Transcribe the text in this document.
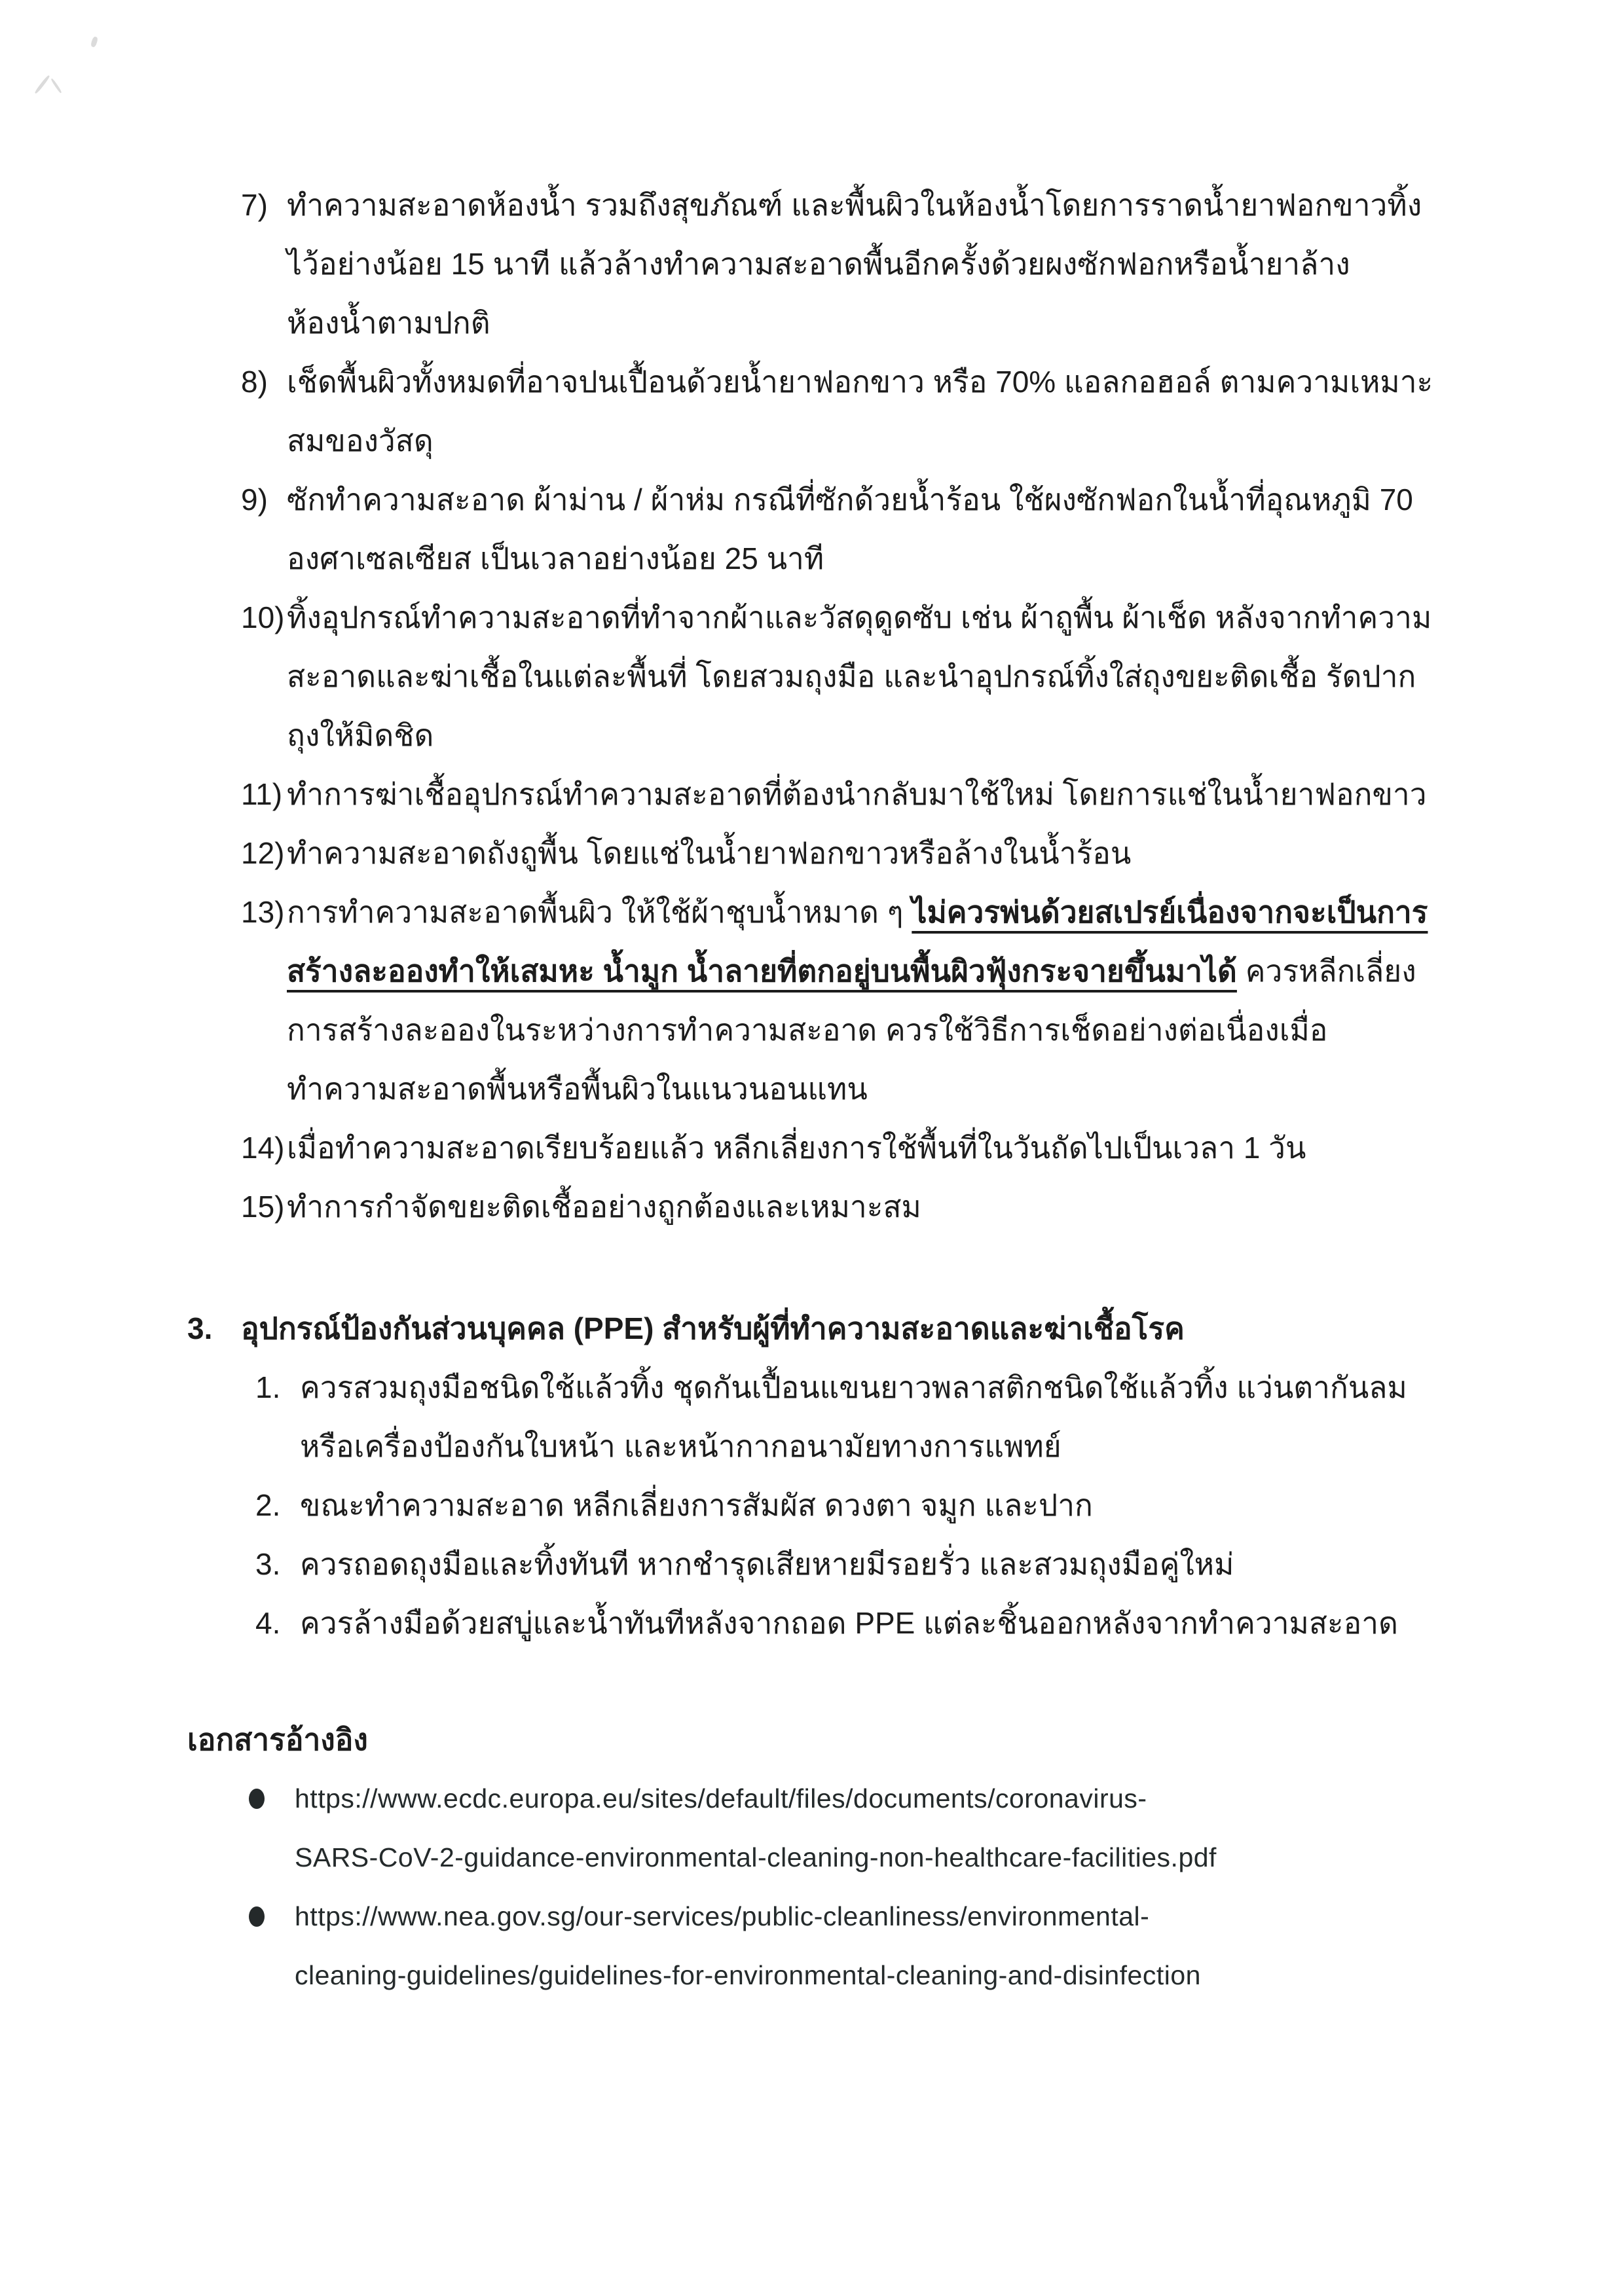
7) ทำความสะอาดห้องน้ำ รวมถึงสุขภัณฑ์ และพื้นผิวในห้องน้ำโดยการราดน้ำยาฟอกขาวทิ้งไว้อย่างน้อย 15 นาที แล้วล้างทำความสะอาดพื้นอีกครั้งด้วยผงซักฟอกหรือน้ำยาล้างห้องน้ำตามปกติ
8) เช็ดพื้นผิวทั้งหมดที่อาจปนเปื้อนด้วยน้ำยาฟอกขาว หรือ 70% แอลกอฮอล์ ตามความเหมาะสมของวัสดุ
9) ซักทำความสะอาด ผ้าม่าน / ผ้าห่ม กรณีที่ซักด้วยน้ำร้อน ใช้ผงซักฟอกในน้ำที่อุณหภูมิ 70 องศาเซลเซียส เป็นเวลาอย่างน้อย 25 นาที
10) ทิ้งอุปกรณ์ทำความสะอาดที่ทำจากผ้าและวัสดุดูดซับ เช่น ผ้าถูพื้น ผ้าเช็ด หลังจากทำความสะอาดและฆ่าเชื้อในแต่ละพื้นที่ โดยสวมถุงมือ และนำอุปกรณ์ทิ้งใส่ถุงขยะติดเชื้อ รัดปากถุงให้มิดชิด
11) ทำการฆ่าเชื้ออุปกรณ์ทำความสะอาดที่ต้องนำกลับมาใช้ใหม่ โดยการแช่ในน้ำยาฟอกขาว
12) ทำความสะอาดถังถูพื้น โดยแช่ในน้ำยาฟอกขาวหรือล้างในน้ำร้อน
13) การทำความสะอาดพื้นผิว ให้ใช้ผ้าชุบน้ำหมาด ๆ ไม่ควรพ่นด้วยสเปรย์เนื่องจากจะเป็นการสร้างละอองทำให้เสมหะ น้ำมูก น้ำลายที่ตกอยู่บนพื้นผิวฟุ้งกระจายขึ้นมาได้ ควรหลีกเลี่ยงการสร้างละอองในระหว่างการทำความสะอาด ควรใช้วิธีการเช็ดอย่างต่อเนื่องเมื่อทำความสะอาดพื้นหรือพื้นผิวในแนวนอนแทน
14) เมื่อทำความสะอาดเรียบร้อยแล้ว หลีกเลี่ยงการใช้พื้นที่ในวันถัดไปเป็นเวลา 1 วัน
15) ทำการกำจัดขยะติดเชื้ออย่างถูกต้องและเหมาะสม
3. อุปกรณ์ป้องกันส่วนบุคคล (PPE) สำหรับผู้ที่ทำความสะอาดและฆ่าเชื้อโรค
1. ควรสวมถุงมือชนิดใช้แล้วทิ้ง ชุดกันเปื้อนแขนยาวพลาสติกชนิดใช้แล้วทิ้ง แว่นตากันลม หรือเครื่องป้องกันใบหน้า และหน้ากากอนามัยทางการแพทย์
2. ขณะทำความสะอาด หลีกเลี่ยงการสัมผัส ดวงตา จมูก และปาก
3. ควรถอดถุงมือและทิ้งทันที หากชำรุดเสียหายมีรอยรั่ว และสวมถุงมือคู่ใหม่
4. ควรล้างมือด้วยสบู่และน้ำทันทีหลังจากถอด PPE แต่ละชิ้นออกหลังจากทำความสะอาด
เอกสารอ้างอิง
https://www.ecdc.europa.eu/sites/default/files/documents/coronavirus-SARS-CoV-2-guidance-environmental-cleaning-non-healthcare-facilities.pdf
https://www.nea.gov.sg/our-services/public-cleanliness/environmental-cleaning-guidelines/guidelines-for-environmental-cleaning-and-disinfection
